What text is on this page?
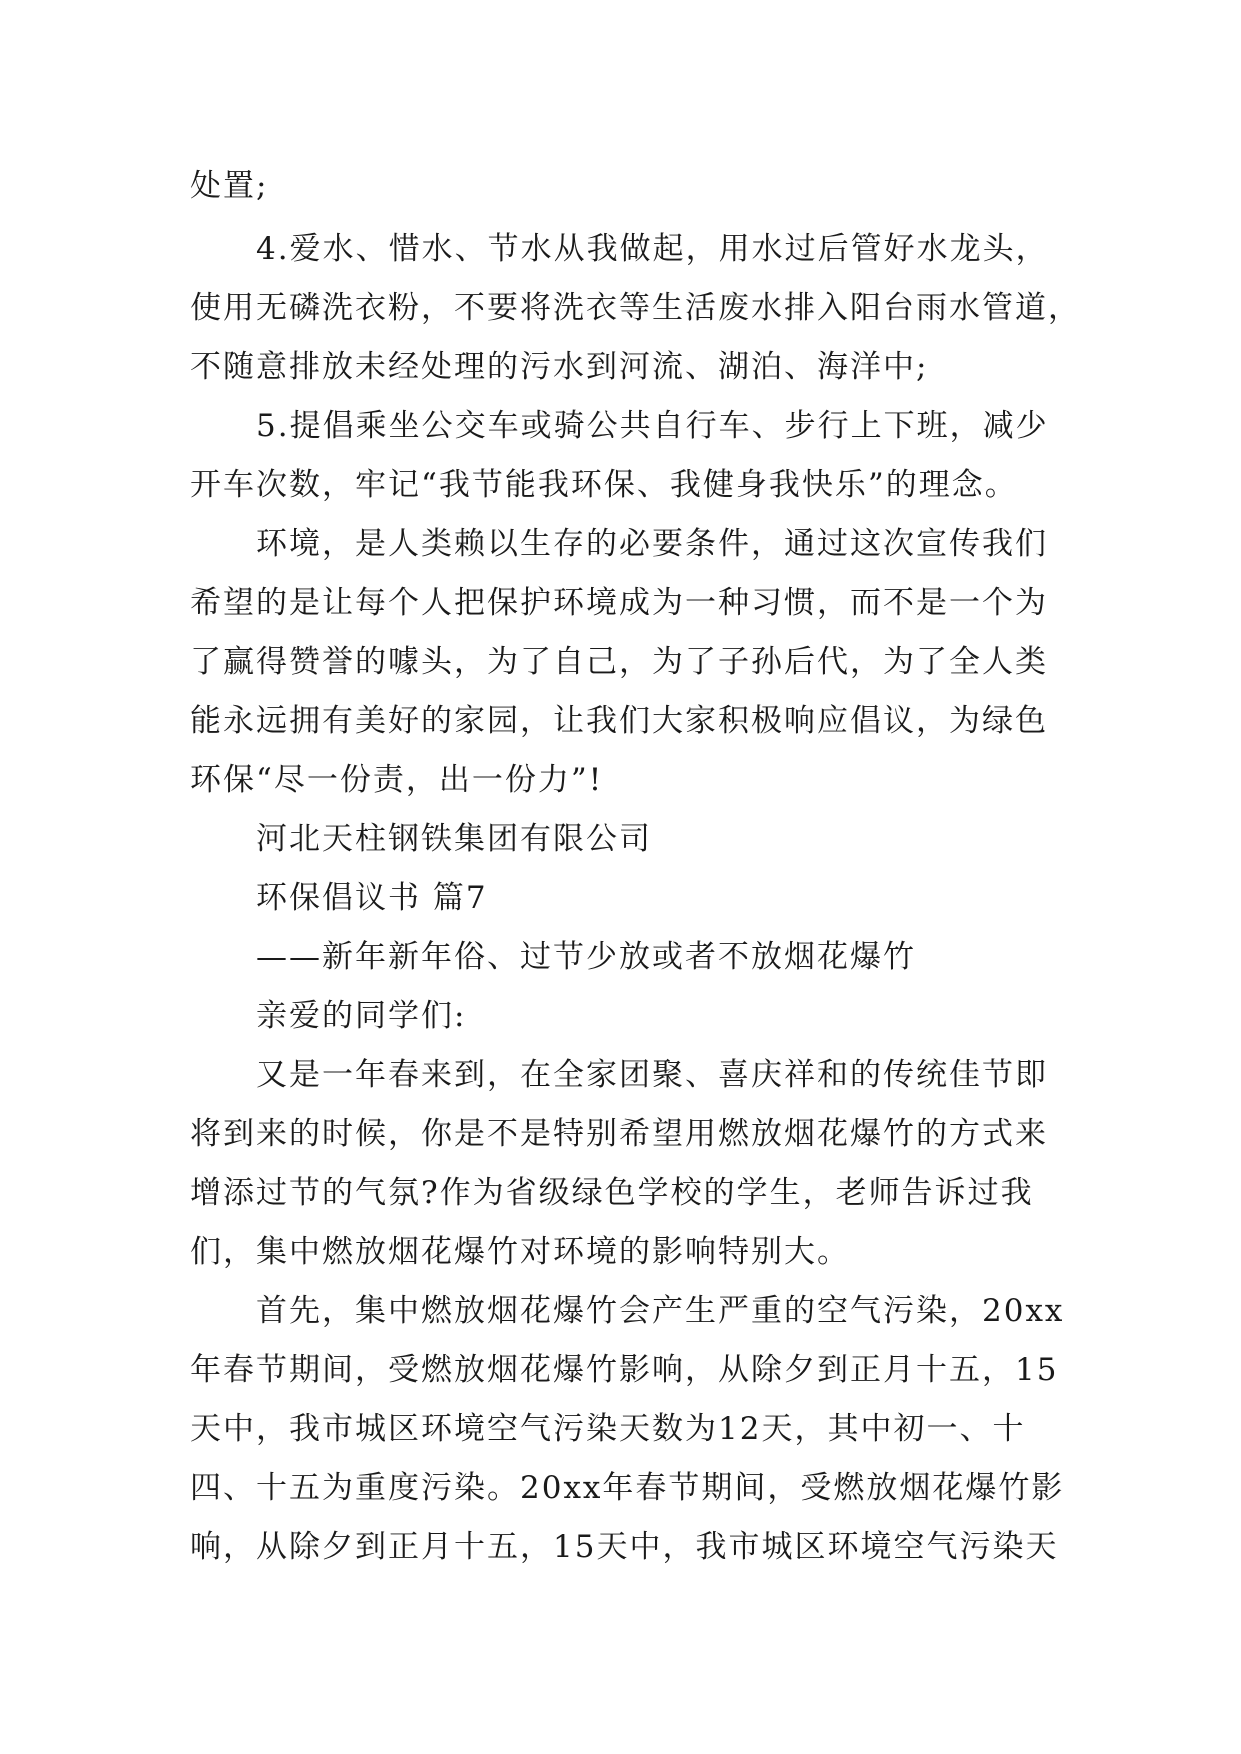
处置;
4.爱水、惜水、节水从我做起，用水过后管好水龙头，
使用无磷洗衣粉，不要将洗衣等生活废水排入阳台雨水管道，
不随意排放未经处理的污水到河流、湖泊、海洋中;
5.提倡乘坐公交车或骑公共自行车、步行上下班，减少
开车次数，牢记“我节能我环保、我健身我快乐”的理念。
环境，是人类赖以生存的必要条件，通过这次宣传我们
希望的是让每个人把保护环境成为一种习惯，而不是一个为
了赢得赞誉的噱头，为了自己，为了子孙后代，为了全人类
能永远拥有美好的家园，让我们大家积极响应倡议，为绿色
环保“尽一份责，出一份力”!
河北天柱钢铁集团有限公司
环保倡议书 篇7
——新年新年俗、过节少放或者不放烟花爆竹
亲爱的同学们:
又是一年春来到，在全家团聚、喜庆祥和的传统佳节即
将到来的时候，你是不是特别希望用燃放烟花爆竹的方式来
增添过节的气氛?作为省级绿色学校的学生，老师告诉过我
们，集中燃放烟花爆竹对环境的影响特别大。
首先，集中燃放烟花爆竹会产生严重的空气污染，20xx
年春节期间，受燃放烟花爆竹影响，从除夕到正月十五，15
天中，我市城区环境空气污染天数为12天，其中初一、十
四、十五为重度污染。20xx年春节期间，受燃放烟花爆竹影
响，从除夕到正月十五，15天中，我市城区环境空气污染天
